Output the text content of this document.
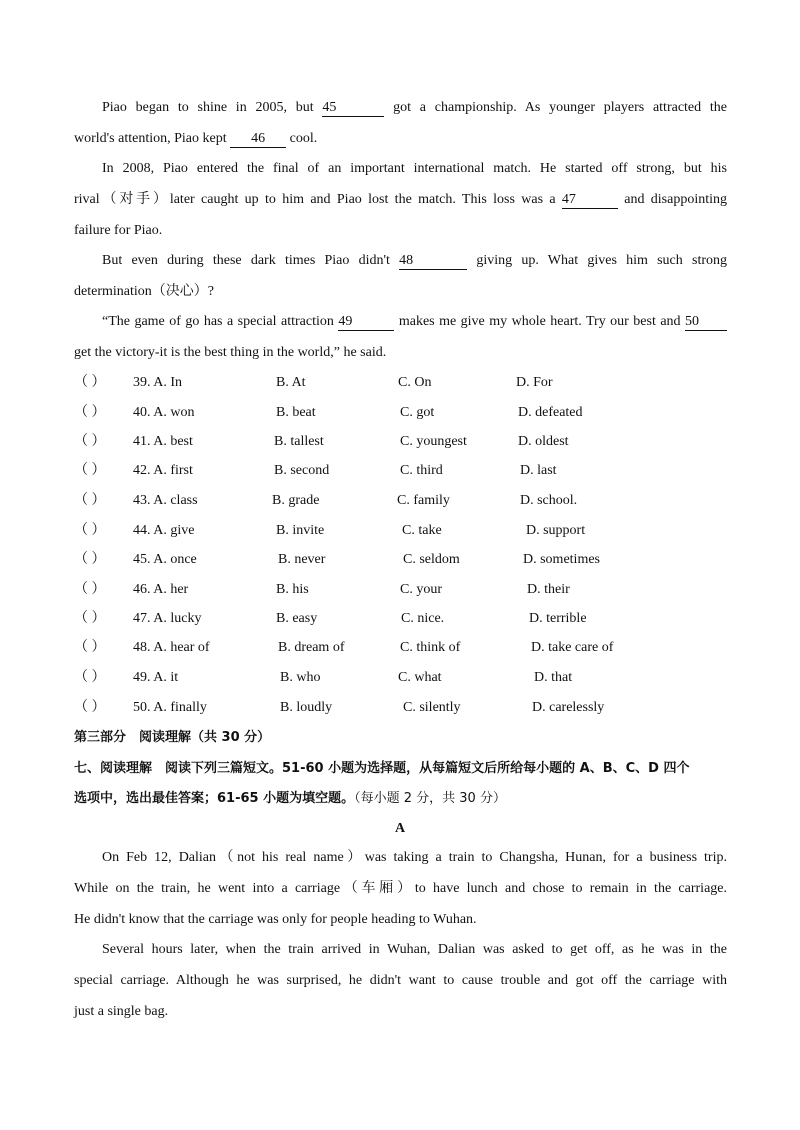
Piao began to shine in 2005, but 45	got a championship. As younger players attracted the
world's attention, Piao kept 46 cool.
In 2008, Piao entered the final of an important international match. He started off strong, but his
rival（对手）later caught up to him and Piao lost the match. This loss was a 47	and disappointing
failure for Piao.
But even during these dark times Piao didn't 48	giving up. What gives him such strong
determination（决心）?
“The game of go has a special attraction 49	makes me give my whole heart. Try our best and 50
get the victory-it is the best thing in the world,” he said.
（ ） 39. A. In	B. At	C. On	D. For
（ ） 40. A. won	B. beat	C. got	D. defeated
（ ） 41. A. best	B. tallest	C. youngest	D. oldest
（ ） 42. A. first	B. second	C. third	D. last
（ ） 43. A. class	B. grade	C. family	D. school.
（ ） 44. A. give	B. invite	C. take	D. support
（ ） 45. A. once	B. never	C. seldom	D. sometimes
（ ） 46. A. her	B. his	C. your	D. their
（ ） 47. A. lucky	B. easy	C. nice.	D. terrible
（ ） 48. A. hear of	B. dream of	C. think of	D. take care of
（ ） 49. A. it	B. who	C. what	D. that
（ ） 50. A. finally	B. loudly	C. silently	D. carelessly
第三部分　阅读理解（共 30 分）
七、阅读理解　阅读下列三篇短文。51-60 小题为选择题，从每篇短文后所给每小题的 A、B、C、D 四个
选项中，选出最佳答案；61-65 小题为填空题。（每小题 2 分，共 30 分）
A
On Feb 12, Dalian（not his real name）was taking a train to Changsha, Hunan, for a business trip.
While on the train, he went into a carriage（车厢）to have lunch and chose to remain in the carriage.
He didn't know that the carriage was only for people heading to Wuhan.
Several hours later, when the train arrived in Wuhan, Dalian was asked to get off, as he was in the
special carriage. Although he was surprised, he didn't want to cause trouble and got off the carriage with
just a single bag.
